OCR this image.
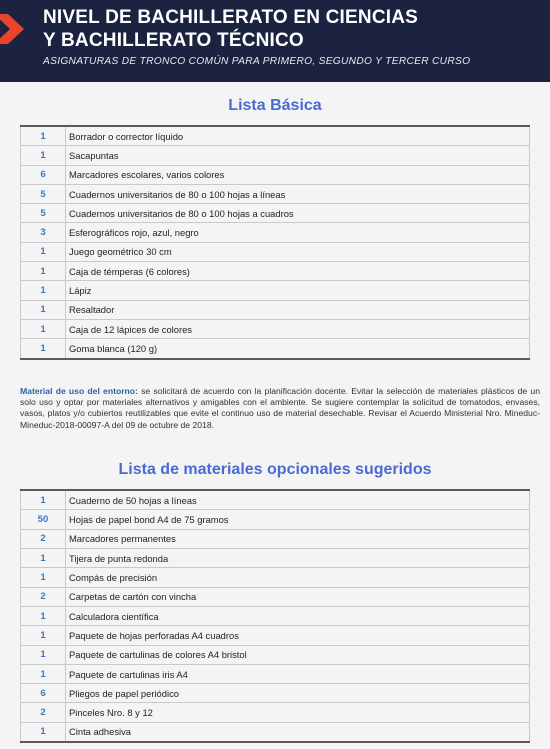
NIVEL DE BACHILLERATO EN CIENCIAS
Y BACHILLERATO TÉCNICO
ASIGNATURAS DE TRONCO COMÚN PARA PRIMERO, SEGUNDO Y TERCER CURSO
Lista Básica
1	Borrador o corrector líquido
1	Sacapuntas
6	Marcadores escolares, varios colores
5	Cuadernos universitarios de 80 o 100 hojas a líneas
5	Cuadernos universitarios de 80 o 100 hojas a cuadros
3	Esferográficos rojo, azul, negro
1	Juego geométrico 30 cm
1	Caja de témperas (6 colores)
1	Lápiz
1	Resaltador
1	Caja de 12 lápices de colores
1	Goma blanca (120 g)
Material de uso del entorno: se solicitará de acuerdo con la planificación docente. Evitar la selección de materiales plásticos de un solo uso y optar por materiales alternativos y amigables con el ambiente. Se sugiere contemplar la solicitud de tomatodos, envases, vasos, platos y/o cubiertos reutilizables que evite el continuo uso de material desechable. Revisar el Acuerdo Ministerial Nro. Mineduc-Mineduc-2018-00097-A del 09 de octubre de 2018.
Lista de materiales opcionales sugeridos
1	Cuaderno de 50 hojas a líneas
50	Hojas de papel bond A4 de 75 gramos
2	Marcadores permanentes
1	Tijera de punta redonda
1	Compás de precisión
2	Carpetas de cartón con vincha
1	Calculadora científica
1	Paquete de hojas perforadas A4 cuadros
1	Paquete de cartulinas de colores A4 bristol
1	Paquete de cartulinas iris A4
6	Pliegos de papel periódico
2	Pinceles Nro. 8 y 12
1	Cinta adhesiva
